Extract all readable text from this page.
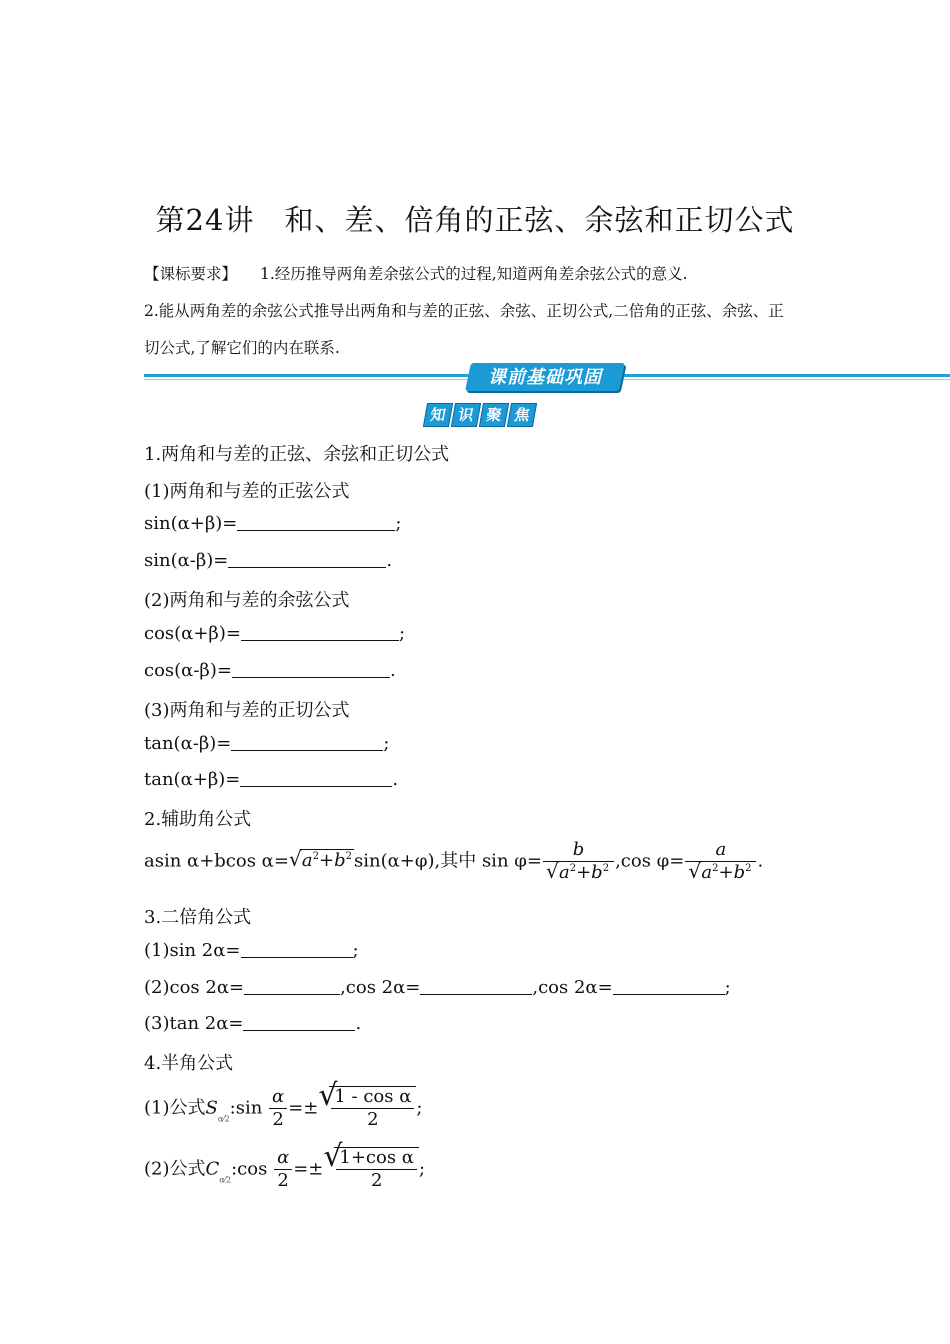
第24讲　和、差、倍角的正弦、余弦和正切公式
【课标要求】 1.经历推导两角差余弦公式的过程,知道两角差余弦公式的意义.
2.能从两角差的余弦公式推导出两角和与差的正弦、余弦、正切公式,二倍角的正弦、余弦、正
切公式,了解它们的内在联系.
课前基础巩固
知 识 聚 焦
1.两角和与差的正弦、余弦和正切公式
(1)两角和与差的正弦公式
sin(α+β)=	;
sin(α-β)=	.
(2)两角和与差的余弦公式
cos(α+β)=	;
cos(α-β)=	.
(3)两角和与差的正切公式
tan(α-β)=	;
tan(α+β)=	.
2.辅助角公式
asin α+bcos α= √ $a^2+b^2$ sin(α+φ),其中 $\sin \varphi= \frac{b}{√ a^2+b^2} ,\cos$ $\varphi= \frac{a}{√ a^2+b^2}$ .
3.二倍角公式
(1)sin 2α=	;
(2)cos 2α=	,cos 2α=	,cos 2α=	;
(3)tan 2α=	.
4.半角公式
(1)公式$S_{\alpha⁄2}:\sin \frac{\alpha}{2}$ =± √
$\frac{\text{1 - cos α}}{2}$ ;
(2)公式$C_{\alpha⁄2}:\cos \frac{\alpha}{2}$ =± √
$\frac{\text{1+cos α}}{2}$ ;
